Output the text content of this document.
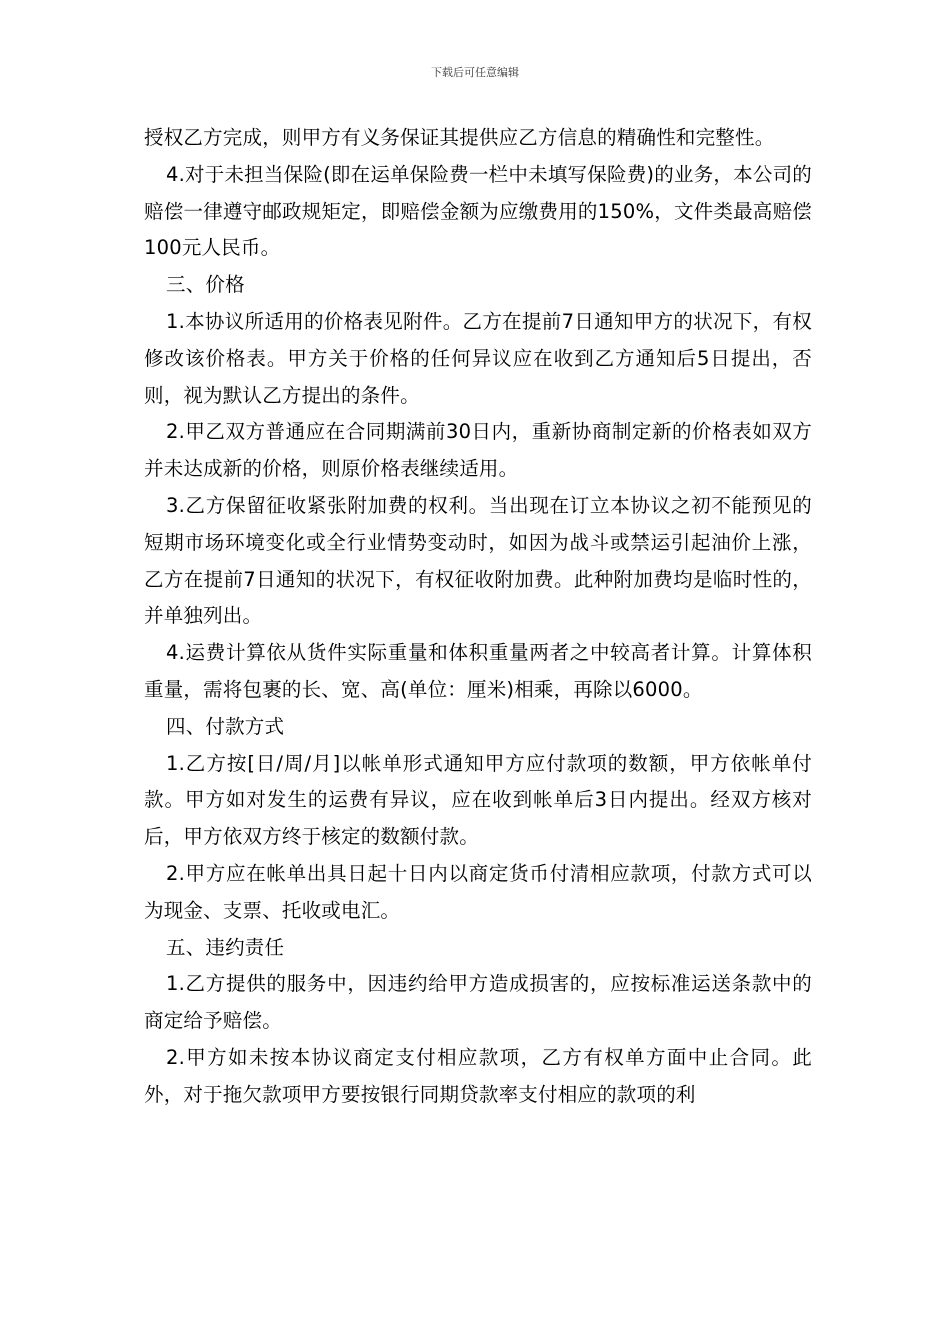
下载后可任意编辑

授权乙方完成，则甲方有义务保证其提供应乙方信息的精确性和完整性。

4.对于未担当保险(即在运单保险费一栏中未填写保险费)的业务，本公司的赔偿一律遵守邮政规矩定，即赔偿金额为应缴费用的150%，文件类最高赔偿100元人民币。

三、价格

1.本协议所适用的价格表见附件。乙方在提前7日通知甲方的状况下，有权修改该价格表。甲方关于价格的任何异议应在收到乙方通知后5日提出，否则，视为默认乙方提出的条件。

2.甲乙双方普通应在合同期满前30日内，重新协商制定新的价格表如双方并未达成新的价格，则原价格表继续适用。

3.乙方保留征收紧张附加费的权利。当出现在订立本协议之初不能预见的短期市场环境变化或全行业情势变动时，如因为战斗或禁运引起油价上涨，乙方在提前7日通知的状况下，有权征收附加费。此种附加费均是临时性的，并单独列出。

4.运费计算依从货件实际重量和体积重量两者之中较高者计算。计算体积重量，需将包裹的长、宽、高(单位：厘米)相乘，再除以6000。

四、付款方式

1.乙方按[日/周/月]以帐单形式通知甲方应付款项的数额，甲方依帐单付款。甲方如对发生的运费有异议，应在收到帐单后3日内提出。经双方核对后，甲方依双方终于核定的数额付款。

2.甲方应在帐单出具日起十日内以商定货币付清相应款项，付款方式可以为现金、支票、托收或电汇。

五、违约责任

1.乙方提供的服务中，因违约给甲方造成损害的，应按标准运送条款中的商定给予赔偿。

2.甲方如未按本协议商定支付相应款项，乙方有权单方面中止合同。此外，对于拖欠款项甲方要按银行同期贷款率支付相应的款项的利
